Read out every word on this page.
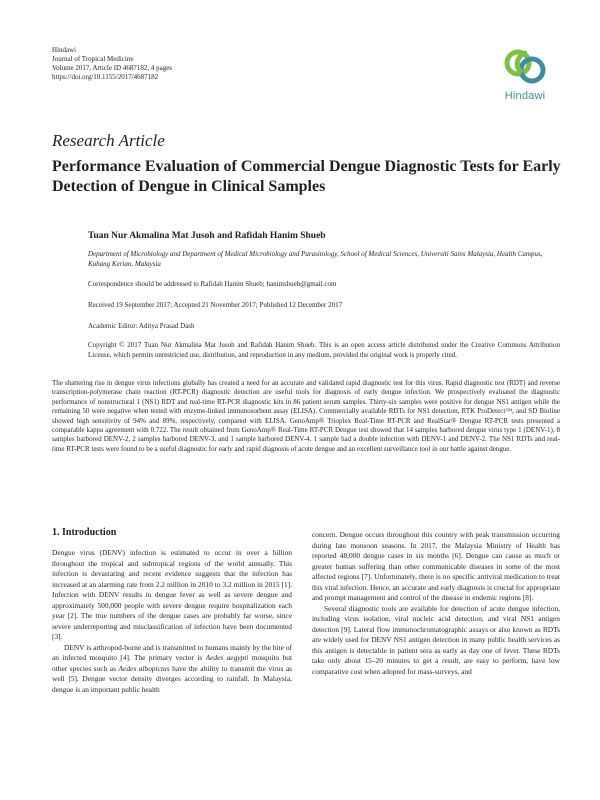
Hindawi
Journal of Tropical Medicine
Volume 2017, Article ID 4687182, 4 pages
https://doi.org/10.1155/2017/4687182
Hindawi
Research Article
Performance Evaluation of Commercial Dengue Diagnostic Tests for Early Detection of Dengue in Clinical Samples
Tuan Nur Akmalina Mat Jusoh and Rafidah Hanim Shueb
Department of Microbiology and Department of Medical Microbiology and Parasitology, School of Medical Sciences, Universiti Sains Malaysia, Health Campus, Kubang Kerian, Malaysia
Correspondence should be addressed to Rafidah Hanim Shueb; hanimshueb@gmail.com
Received 19 September 2017; Accepted 21 November 2017; Published 12 December 2017
Academic Editor: Aditya Prasad Dash
Copyright © 2017 Tuan Nur Akmalina Mat Jusoh and Rafidah Hanim Shueb. This is an open access article distributed under the Creative Commons Attribution License, which permits unrestricted use, distribution, and reproduction in any medium, provided the original work is properly cited.
The shattering rise in dengue virus infections globally has created a need for an accurate and validated rapid diagnostic test for this virus. Rapid diagnostic test (RDT) and reverse transcription-polymerase chain reaction (RT-PCR) diagnostic detection are useful tools for diagnosis of early dengue infection. We prospectively evaluated the diagnostic performance of nonstructural 1 (NS1) RDT and real-time RT-PCR diagnostic kits in 86 patient serum samples. Thirty-six samples were positive for dengue NS1 antigen while the remaining 50 were negative when tested with enzyme-linked immunosorbent assay (ELISA). Commercially available RDTs for NS1 detection, RTK ProDetect™, and SD Bioline showed high sensitivity of 94% and 89%, respectively, compared with ELISA. GenoAmp® Trioplex Real-Time RT-PCR and RealStar® Dengue RT-PCR tests presented a comparable kappa agreement with 0.722. The result obtained from GenoAmp® Real-Time RT-PCR Dengue test showed that 14 samples harbored dengue virus type 1 (DENV-1), 8 samples harbored DENV-2, 2 samples harbored DENV-3, and 1 sample harbored DENV-4. 1 sample had a double infection with DENV-1 and DENV-2. The NS1 RDTs and real-time RT-PCR tests were found to be a useful diagnostic for early and rapid diagnosis of acute dengue and an excellent surveillance tool in our battle against dengue.
1. Introduction

Dengue virus (DENV) infection is estimated to occur in over a billion throughout the tropical and subtropical regions of the world annually. This infection is devastating and recent evidence suggests that the infection has increased at an alarming rate from 2.2 million in 2010 to 3.2 million in 2015 [1]. Infection with DENV results in dengue fever as well as severe dengue and approximately 500,000 people with severe dengue require hospitalization each year [2]. The true numbers of the dengue cases are probably far worse, since severe underreporting and misclassification of infection have been documented [3].

DENV is arthropod-borne and is transmitted to humans mainly by the bite of an infected mosquito [4]. The primary vector is Aedes aegypti mosquito but other species such as Aedes albopictus have the ability to transmit the virus as well [5]. Dengue vector density diverges according to rainfall. In Malaysia, dengue is an important public health

concern. Dengue occurs throughout this country with peak transmission occurring during late monsoon seasons. In 2017, the Malaysia Ministry of Health has reported 48,000 dengue cases in six months [6]. Dengue can cause as much or greater human suffering than other communicable diseases in some of the most affected regions [7]. Unfortunately, there is no specific antiviral medication to treat this viral infection. Hence, an accurate and early diagnosis is crucial for appropriate and prompt management and control of the disease in endemic regions [8].

Several diagnostic tools are available for detection of acute dengue infection, including virus isolation, viral nucleic acid detection, and viral NS1 antigen detection [9]. Lateral flow immunochromatographic assays or also known as RDTs are widely used for DENV NS1 antigen detection in many public health services as this antigen is detectable in patient sera as early as day one of fever. These RDTs take only about 15–20 minutes to get a result, are easy to perform, have low comparative cost when adopted for mass-surveys, and
